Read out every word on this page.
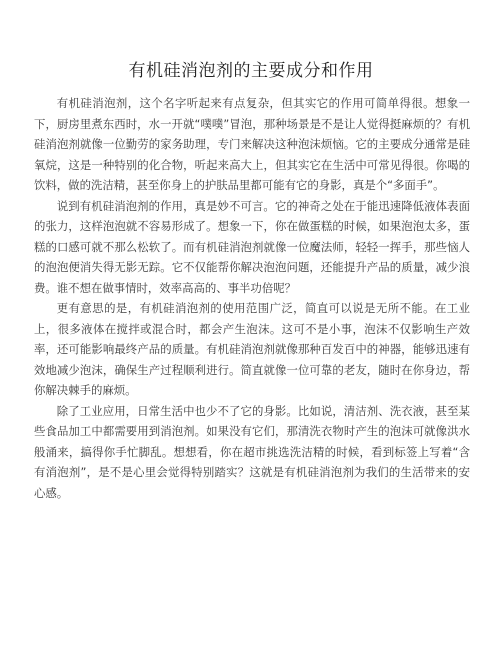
有机硅消泡剂的主要成分和作用

有机硅消泡剂，这个名字听起来有点复杂，但其实它的作用可简单得很。想象一下，厨房里煮东西时，水一开就“噗噗”冒泡，那种场景是不是让人觉得挺麻烦的？有机硅消泡剂就像一位勤劳的家务助理，专门来解决这种泡沫烦恼。它的主要成分通常是硅氧烷，这是一种特别的化合物，听起来高大上，但其实它在生活中可常见得很。你喝的饮料，做的洗洁精，甚至你身上的护肤品里都可能有它的身影，真是个“多面手”。

说到有机硅消泡剂的作用，真是妙不可言。它的神奇之处在于能迅速降低液体表面的张力，这样泡泡就不容易形成了。想象一下，你在做蛋糕的时候，如果泡泡太多，蛋糕的口感可就不那么松软了。而有机硅消泡剂就像一位魔法师，轻轻一挥手，那些恼人的泡泡便消失得无影无踪。它不仅能帮你解决泡泡问题，还能提升产品的质量，减少浪费。谁不想在做事情时，效率高高的、事半功倍呢？

更有意思的是，有机硅消泡剂的使用范围广泛，简直可以说是无所不能。在工业上，很多液体在搅拌或混合时，都会产生泡沫。这可不是小事，泡沫不仅影响生产效率，还可能影响最终产品的质量。有机硅消泡剂就像那种百发百中的神器，能够迅速有效地减少泡沫，确保生产过程顺利进行。简直就像一位可靠的老友，随时在你身边，帮你解决棘手的麻烦。

除了工业应用，日常生活中也少不了它的身影。比如说，清洁剂、洗衣液，甚至某些食品加工中都需要用到消泡剂。如果没有它们，那清洗衣物时产生的泡沫可就像洪水般涌来，搞得你手忙脚乱。想想看，你在超市挑选洗洁精的时候，看到标签上写着“含有消泡剂”，是不是心里会觉得特别踏实？这就是有机硅消泡剂为我们的生活带来的安心感。
